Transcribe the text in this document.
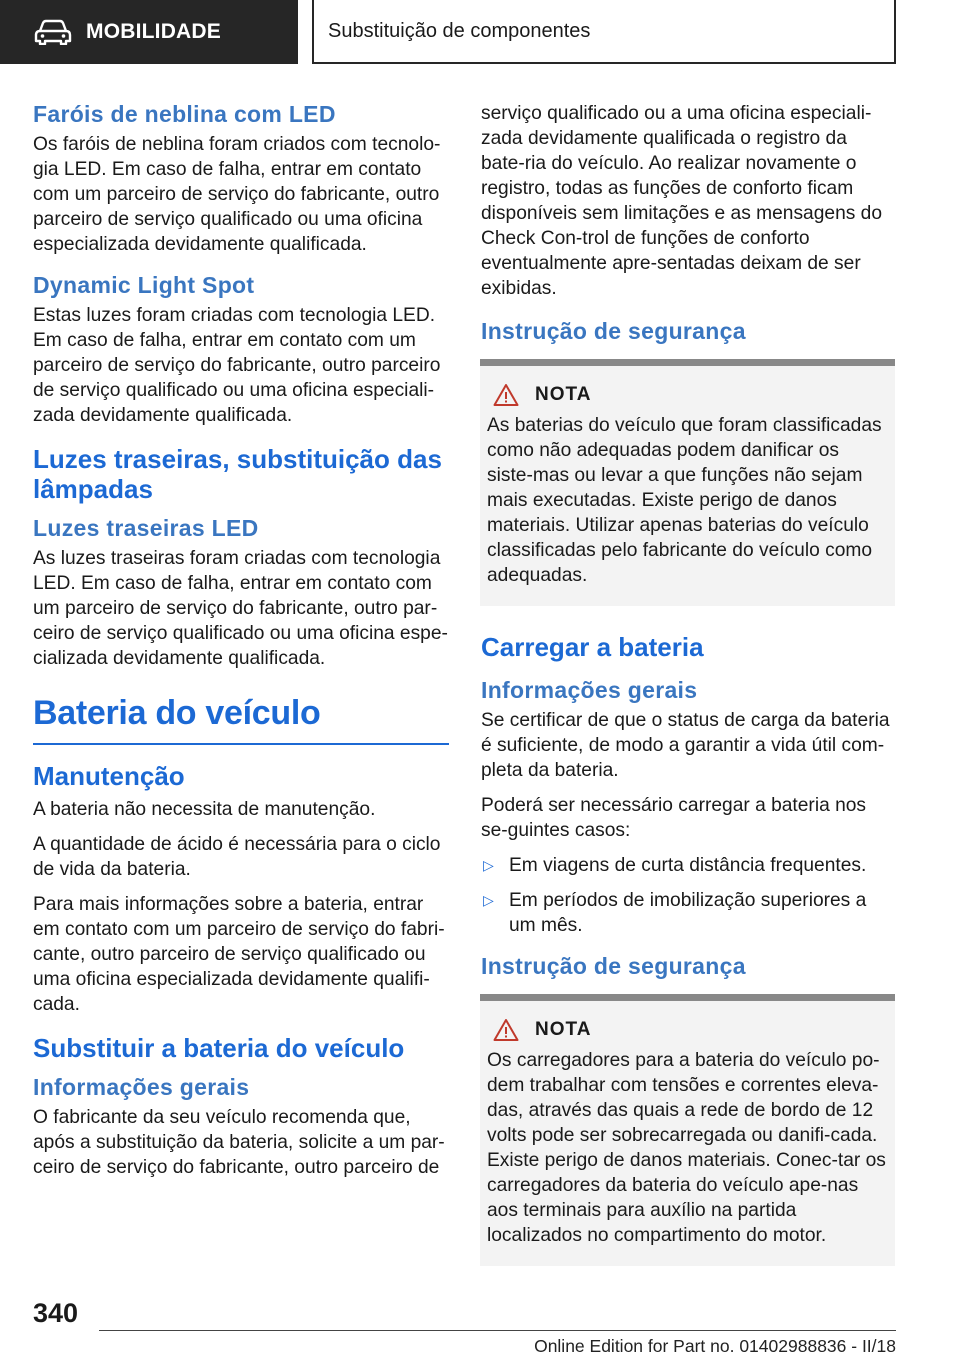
MOBILIDADE	Substituição de componentes
Faróis de neblina com LED

Os faróis de neblina foram criados com tecnolo-gia LED. Em caso de falha, entrar em contato com um parceiro de serviço do fabricante, outro parceiro de serviço qualificado ou uma oficina especializada devidamente qualificada.

Dynamic Light Spot

Estas luzes foram criadas com tecnologia LED. Em caso de falha, entrar em contato com um parceiro de serviço do fabricante, outro parceiro de serviço qualificado ou uma oficina especiali-zada devidamente qualificada.

Luzes traseiras, substituição das lâmpadas
Luzes traseiras LED

As luzes traseiras foram criadas com tecnologia LED. Em caso de falha, entrar em contato com um parceiro de serviço do fabricante, outro par-ceiro de serviço qualificado ou uma oficina espe-cializada devidamente qualificada.

Bateria do veículo
Manutenção

A bateria não necessita de manutenção.

A quantidade de ácido é necessária para o ciclo de vida da bateria.

Para mais informações sobre a bateria, entrar em contato com um parceiro de serviço do fabri-cante, outro parceiro de serviço qualificado ou uma oficina especializada devidamente qualifi-cada.

Substituir a bateria do veículo
Informações gerais

O fabricante da seu veículo recomenda que, após a substituição da bateria, solicite a um par-ceiro de serviço do fabricante, outro parceiro de

serviço qualificado ou a uma oficina especiali-zada devidamente qualificada o registro da bate-ria do veículo. Ao realizar novamente o registro, todas as funções de conforto ficam disponíveis sem limitações e as mensagens do Check Con-trol de funções de conforto eventualmente apre-sentadas deixam de ser exibidas.

Instrução de segurança
NOTA

As baterias do veículo que foram classificadas como não adequadas podem danificar os siste-mas ou levar a que funções não sejam mais executadas. Existe perigo de danos materiais. Utilizar apenas baterias do veículo classificadas pelo fabricante do veículo como adequadas.

Carregar a bateria
Informações gerais

Se certificar de que o status de carga da bateria é suficiente, de modo a garantir a vida útil com-pleta da bateria.

Poderá ser necessário carregar a bateria nos se-guintes casos:

▷ Em viagens de curta distância frequentes.
▷ Em períodos de imobilização superiores a um mês.
Instrução de segurança
NOTA

Os carregadores para a bateria do veículo po-dem trabalhar com tensões e correntes eleva-das, através das quais a rede de bordo de 12 volts pode ser sobrecarregada ou danifi-cada. Existe perigo de danos materiais. Conec-tar os carregadores da bateria do veículo ape-nas aos terminais para auxílio na partida localizados no compartimento do motor.

340
Online Edition for Part no. 01402988836 - II/18
